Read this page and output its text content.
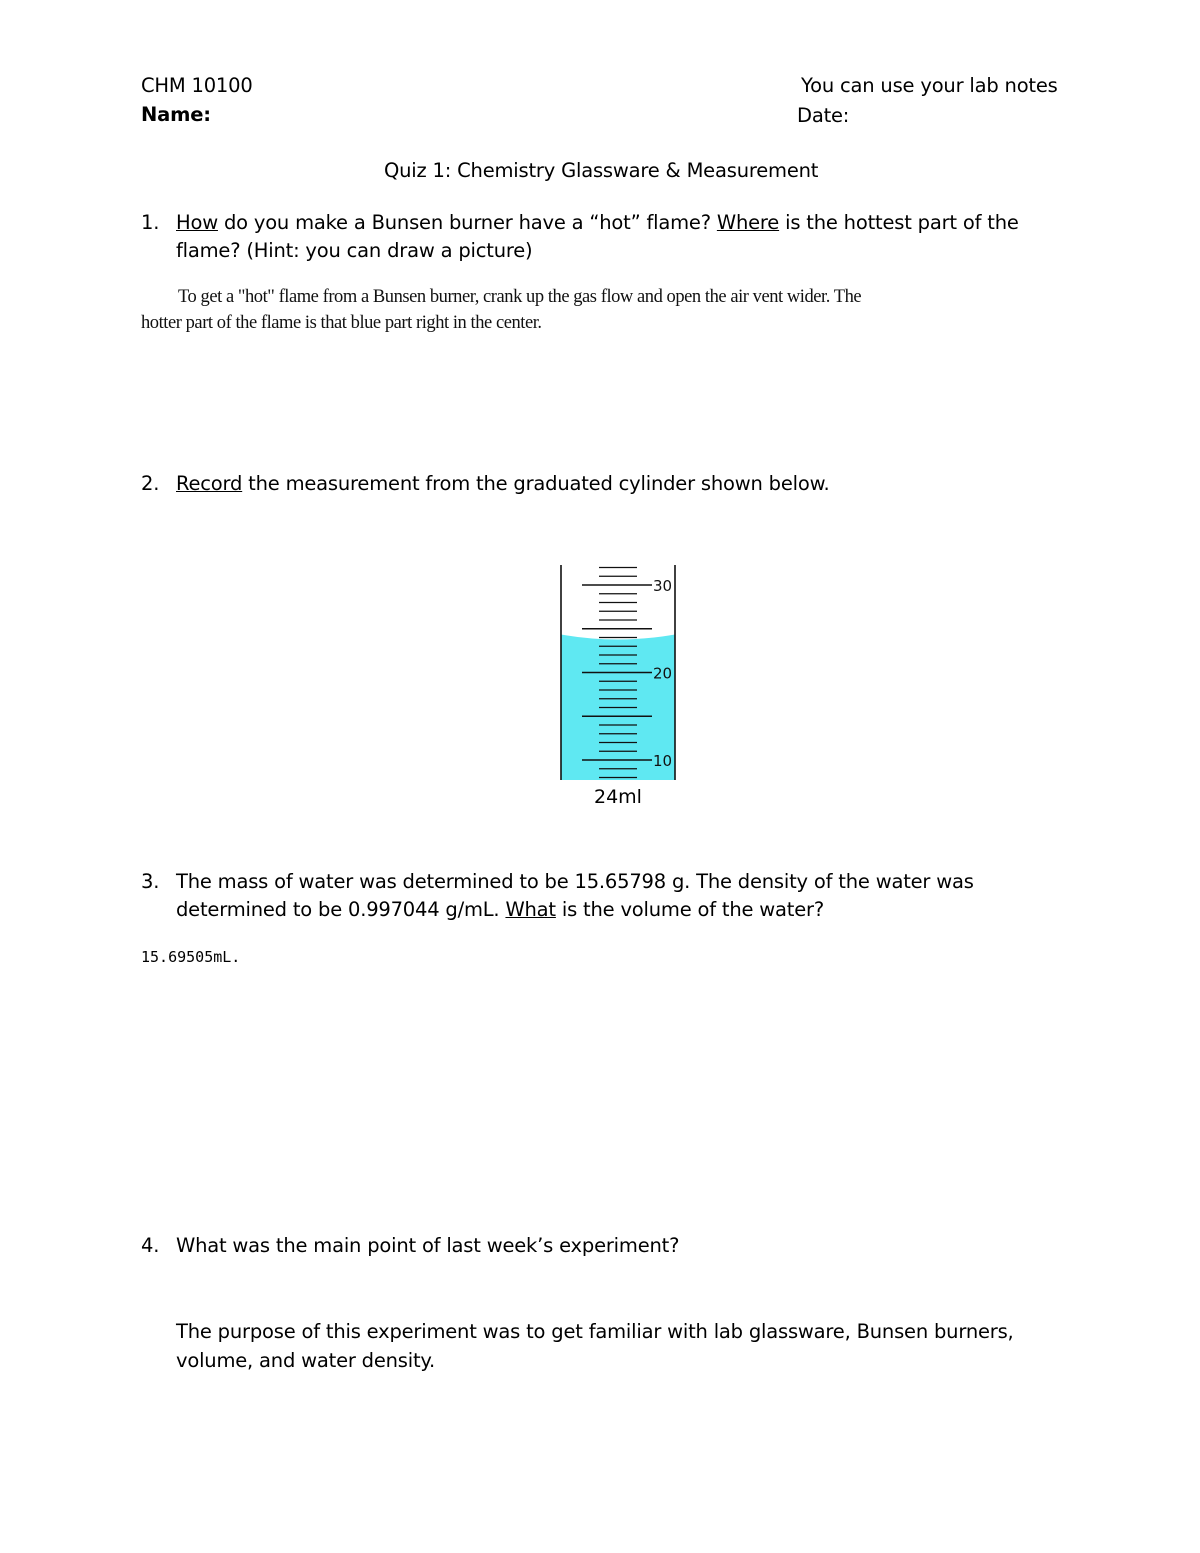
CHM 10100	You can use your lab notes

Name:	Date:

Quiz 1: Chemistry Glassware & Measurement

1. How do you make a Bunsen burner have a “hot” flame? Where is the hottest part of the
flame? (Hint: you can draw a picture)

To get a "hot" flame from a Bunsen burner, crank up the gas flow and open the air vent wider. The

hotter part of the flame is that blue part right in the center.

2. Record the measurement from the graduated cylinder shown below.
30
20
10

24ml

3. The mass of water was determined to be 15.65798 g. The density of the water was
determined to be 0.997044 g/mL. What is the volume of the water?

15.69505mL.

4. What was the main point of last week’s experiment?

The purpose of this experiment was to get familiar with lab glassware, Bunsen burners,

volume, and water density.
